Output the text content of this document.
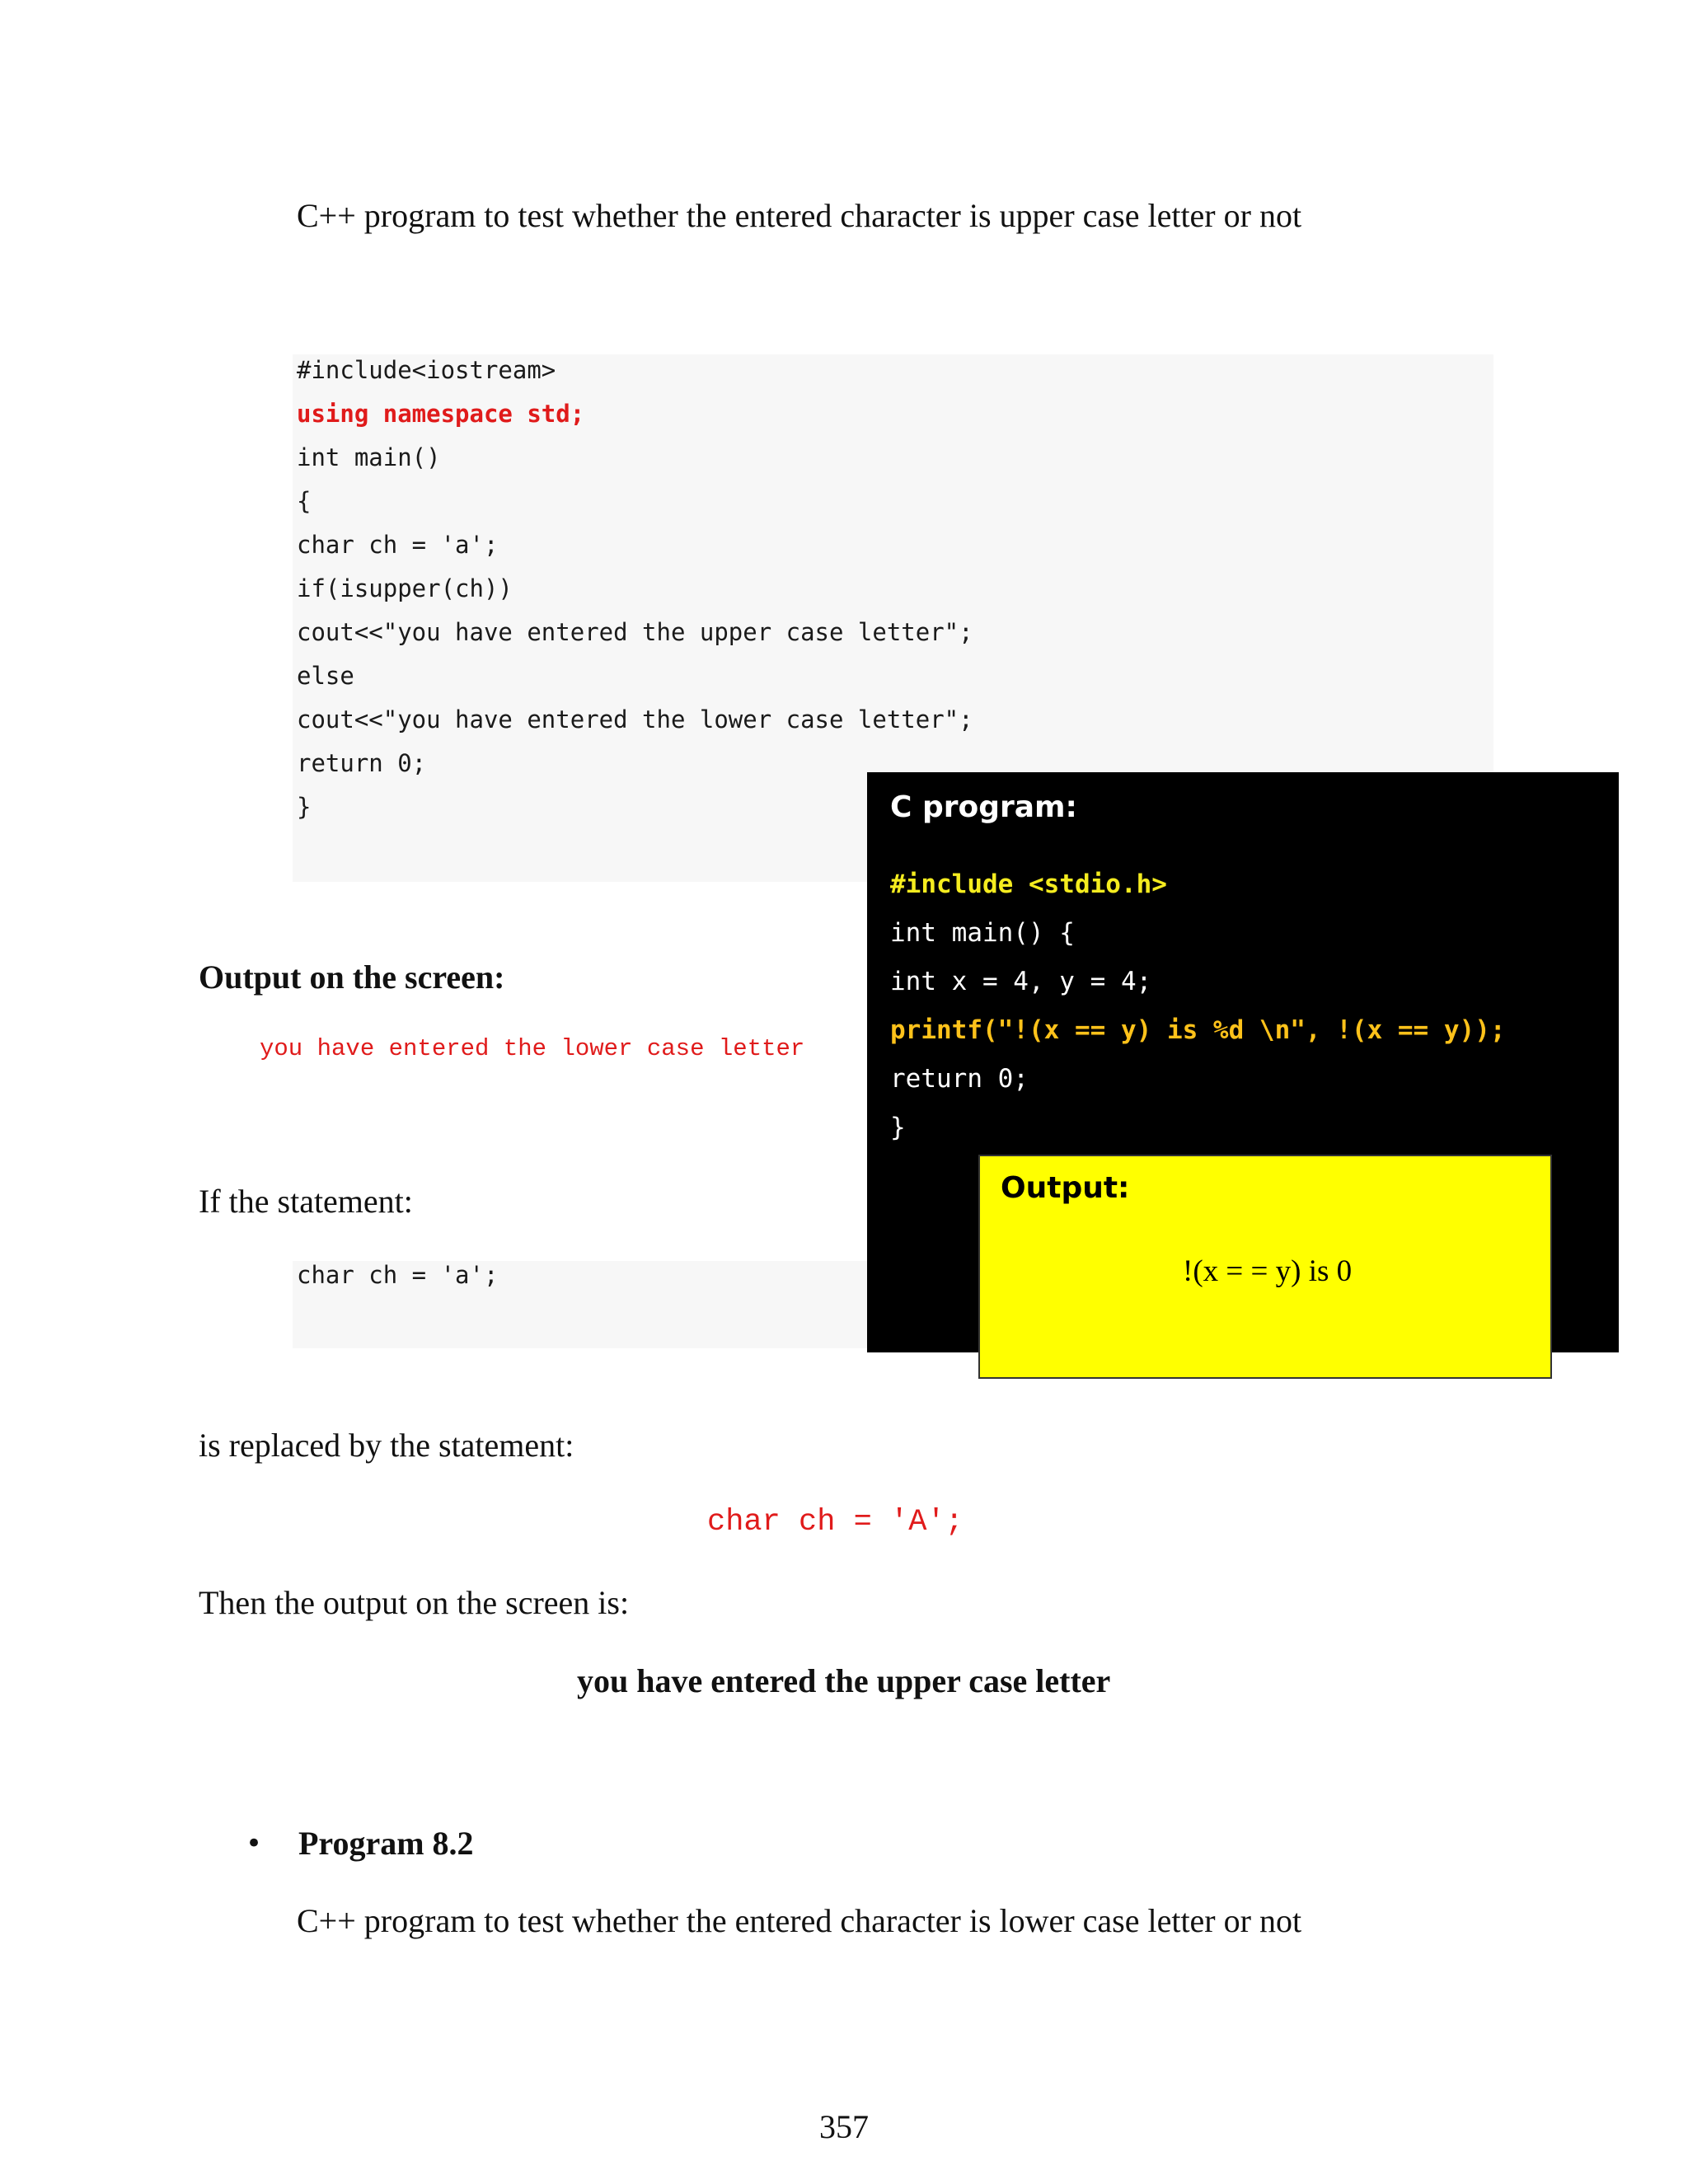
C++ program to test whether the entered character is upper case letter or not
#include<iostream>
using namespace std;
int main()
{
char ch = 'a';
if(isupper(ch))
cout<<"you have entered the upper case letter";
else
cout<<"you have entered the lower case letter";
return 0;
}
Output on the screen:
you have entered the lower case letter
If the statement:
char ch = 'a';
C program:
#include <stdio.h>
int main() {
int x = 4, y = 4;
printf("!(x == y) is %d \n", !(x == y));
return 0;
}
Output:
!(x = = y) is 0
is replaced by the statement:
char ch = 'A';
Then the output on the screen is:
you have entered the upper case letter
• Program 8.2
C++ program to test whether the entered character is lower case letter or not
357
